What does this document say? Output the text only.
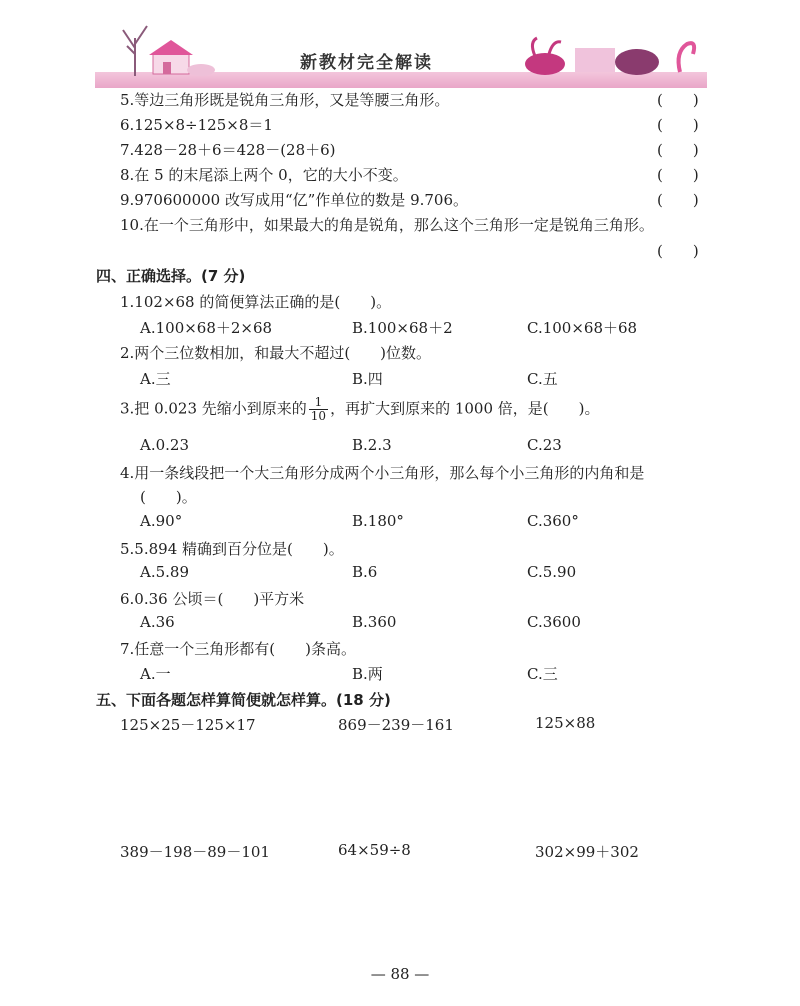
新教材完全解读
5.等边三角形既是锐角三角形，又是等腰三角形。	(　　)
6.125×8÷125×8＝1	(　　)
7.428－28＋6＝428－(28＋6)	(　　)
8.在 5 的末尾添上两个 0，它的大小不变。	(　　)
9.970600000 改写成用“亿”作单位的数是 9.706。	(　　)
10.在一个三角形中，如果最大的角是锐角，那么这个三角形一定是锐角三角形。
(　　)
四、正确选择。(7 分)
1.102×68 的简便算法正确的是(　　)。
A.100×68＋2×68	B.100×68＋2	C.100×68＋68
2.两个三位数相加，和最大不超过(　　)位数。
A.三	B.四	C.五
3.把 0.023 先缩小到原来的 $\frac{1}{10}$ ，再扩大到原来的 1000 倍，是(　　)。
A.0.23	B.2.3	C.23
4.用一条线段把一个大三角形分成两个小三角形，那么每个小三角形的内角和是
(　　)。
A.90°	B.180°	C.360°
5.5.894 精确到百分位是(　　)。
A.5.89	B.6	C.5.90
6.0.36 公顷＝(　　)平方米
A.36	B.360	C.3600
7.任意一个三角形都有(　　)条高。
A.一	B.两	C.三
五、下面各题怎样算简便就怎样算。(18 分)
125×25－125×17	869－239－161	125×88
389－198－89－101	64×59÷8	302×99＋302
— 88 —
